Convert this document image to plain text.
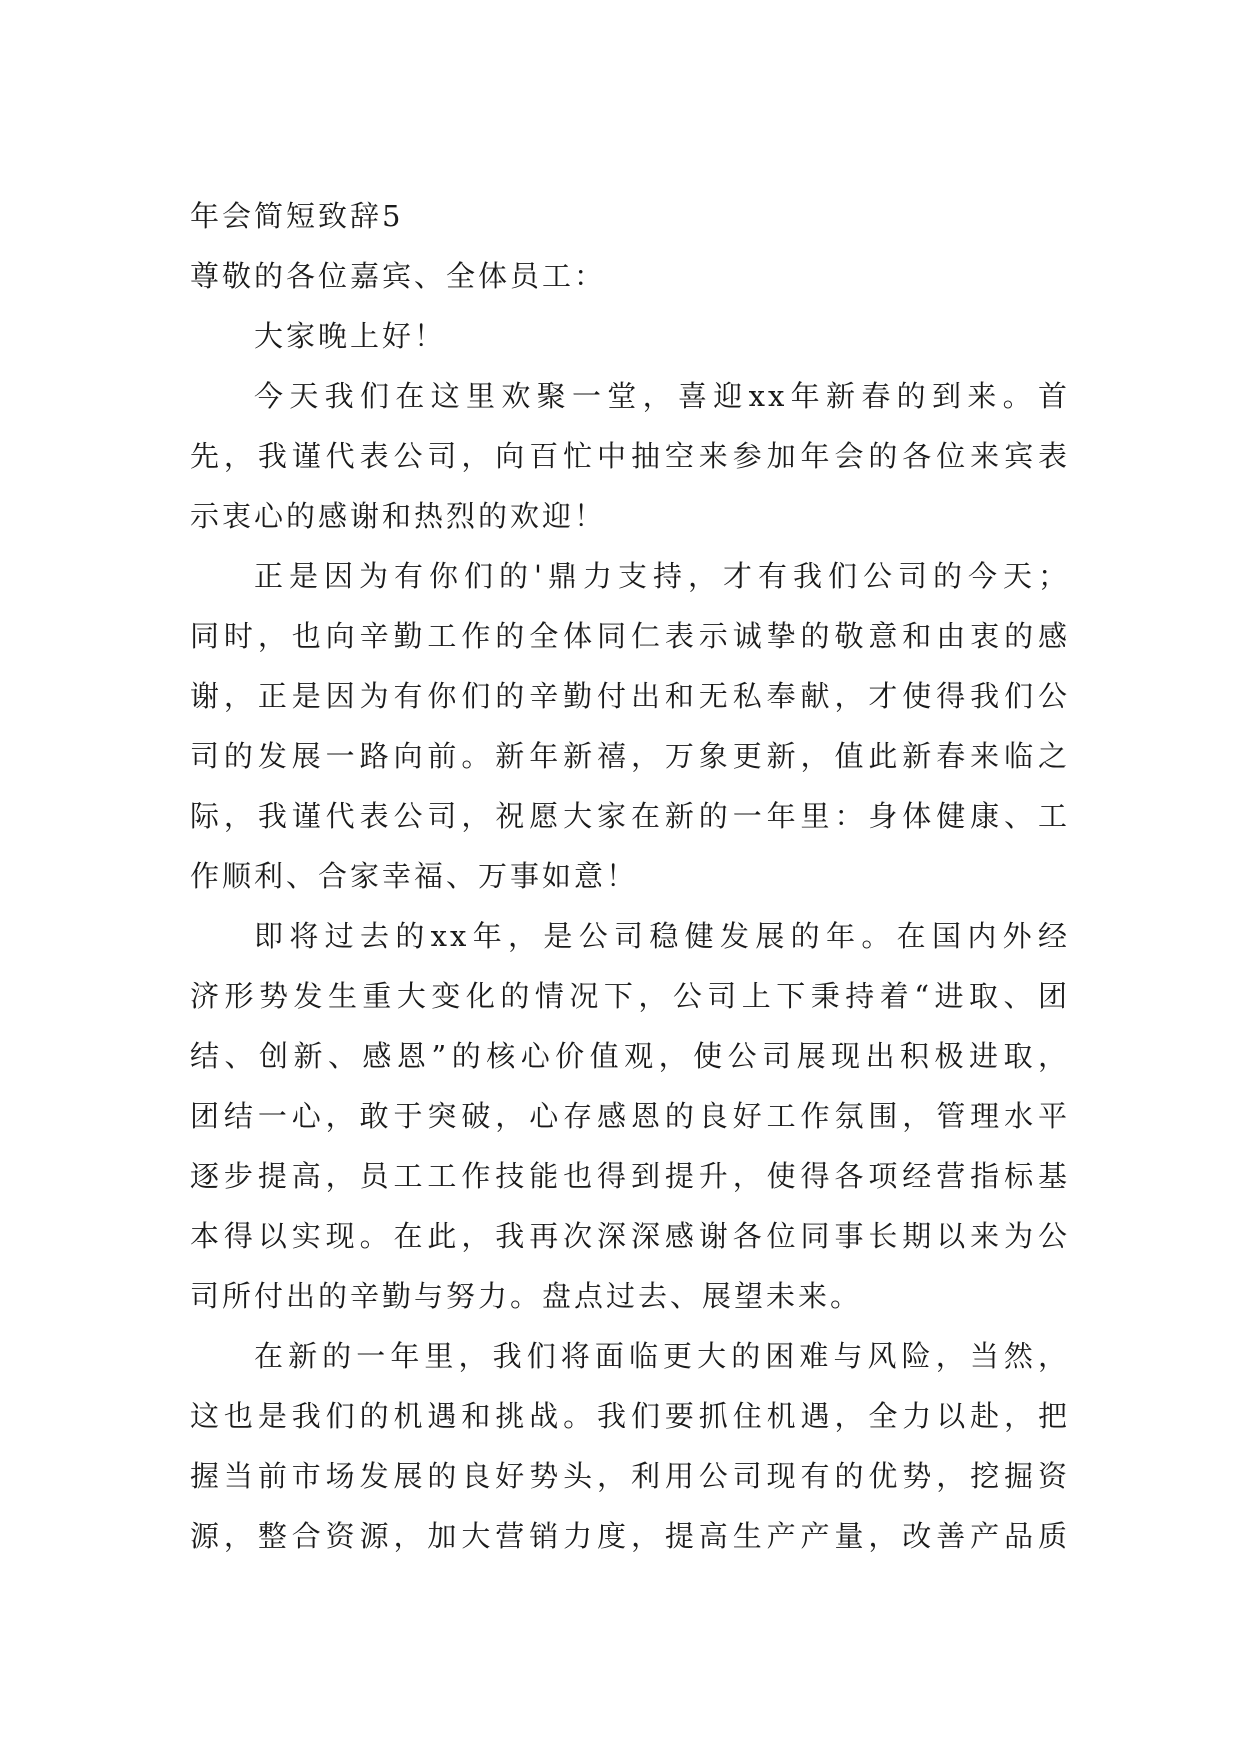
年会简短致辞5
尊敬的各位嘉宾、全体员工：
大家晚上好！
今天我们在这里欢聚一堂，喜迎xx年新春的到来。首
先，我谨代表公司，向百忙中抽空来参加年会的各位来宾表
示衷心的感谢和热烈的欢迎！
正是因为有你们的'鼎力支持，才有我们公司的今天；
同时，也向辛勤工作的全体同仁表示诚挚的敬意和由衷的感
谢，正是因为有你们的辛勤付出和无私奉献，才使得我们公
司的发展一路向前。新年新禧，万象更新，值此新春来临之
际，我谨代表公司，祝愿大家在新的一年里：身体健康、工
作顺利、合家幸福、万事如意！
即将过去的xx年，是公司稳健发展的年。在国内外经
济形势发生重大变化的情况下，公司上下秉持着“进取、团
结、创新、感恩”的核心价值观，使公司展现出积极进取，
团结一心，敢于突破，心存感恩的良好工作氛围，管理水平
逐步提高，员工工作技能也得到提升，使得各项经营指标基
本得以实现。在此，我再次深深感谢各位同事长期以来为公
司所付出的辛勤与努力。盘点过去、展望未来。
在新的一年里，我们将面临更大的困难与风险，当然，
这也是我们的机遇和挑战。我们要抓住机遇，全力以赴，把
握当前市场发展的良好势头，利用公司现有的优势，挖掘资
源，整合资源，加大营销力度，提高生产产量，改善产品质
